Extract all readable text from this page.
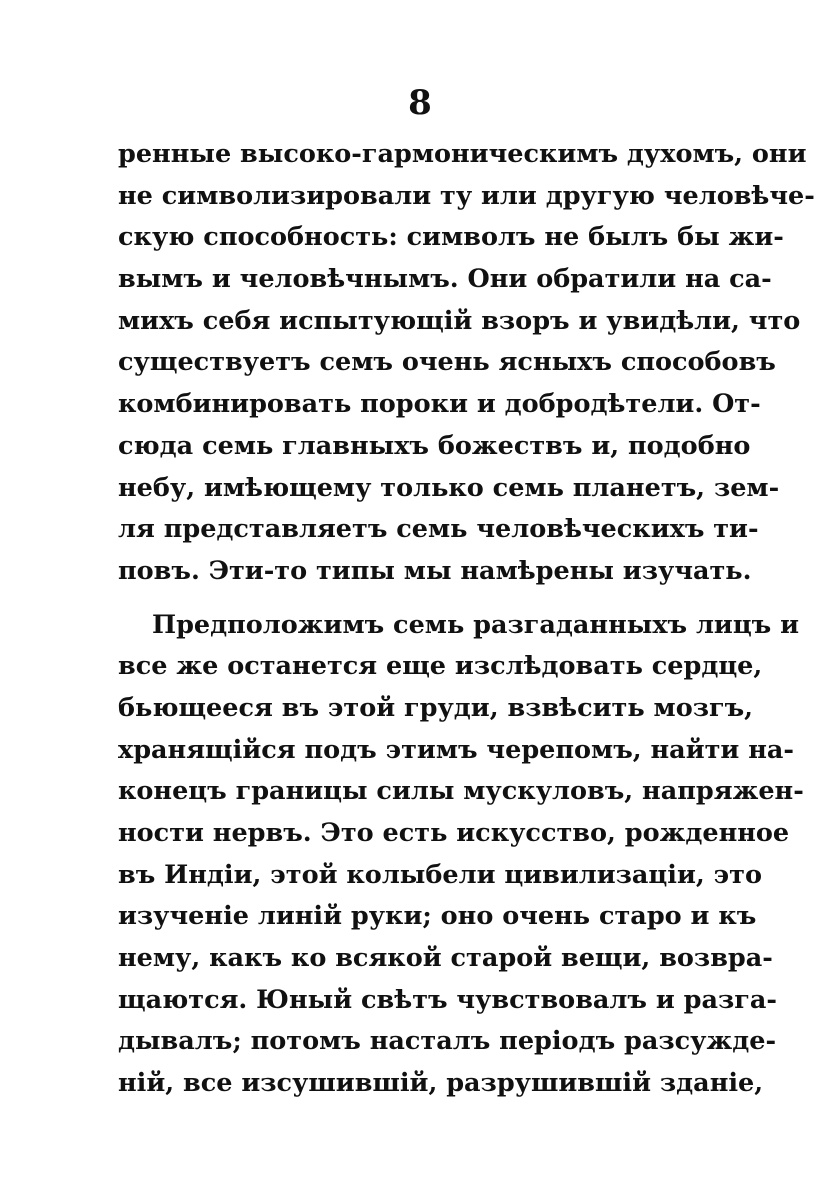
8
ренные высоко-гармоническимъ духомъ, они
не символизировали ту или другую человѣче-
скую способность: символъ не былъ бы жи-
вымъ и человѣчнымъ. Они обратили на са-
михъ себя испытующій взоръ и увидѣли, что
существуетъ семъ очень ясныхъ способовъ
комбинировать пороки и добродѣтели. От-
сюда семь главныхъ божествъ и, подобно
небу, имѣющему только семь планетъ, зем-
ля представляетъ семь человѣческихъ ти-
повъ. Эти-то типы мы намѣрены изучать.
Предположимъ семь разгаданныхъ лицъ и
все же останется еще изслѣдовать сердце,
бьющееся въ этой груди, взвѣсить мозгъ,
хранящійся подъ этимъ черепомъ, найти на-
конецъ границы силы мускуловъ, напряжен-
ности нервъ. Это есть искусство, рожденное
въ Индіи, этой колыбели цивилизаціи, это
изученіе линій руки; оно очень старо и къ
нему, какъ ко всякой старой вещи, возвра-
щаются. Юный свѣтъ чувствовалъ и разга-
дывалъ; потомъ насталъ періодъ разсужде-
ній, все изсушившій, разрушившій зданіе,
